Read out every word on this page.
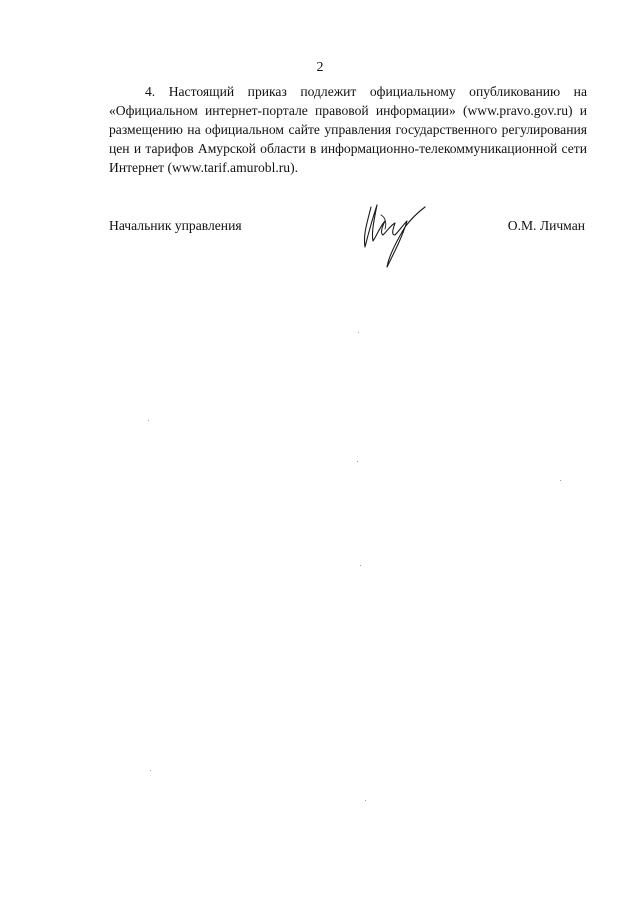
2

4. Настоящий приказ подлежит официальному опубликованию на «Официальном интернет-портале правовой информации» (www.pravo.gov.ru) и размещению на официальном сайте управления государственного регулирования цен и тарифов Амурской области в информационно-телекоммуникационной сети Интернет (www.tarif.amurobl.ru).

Начальник управления	О.М. Личман
